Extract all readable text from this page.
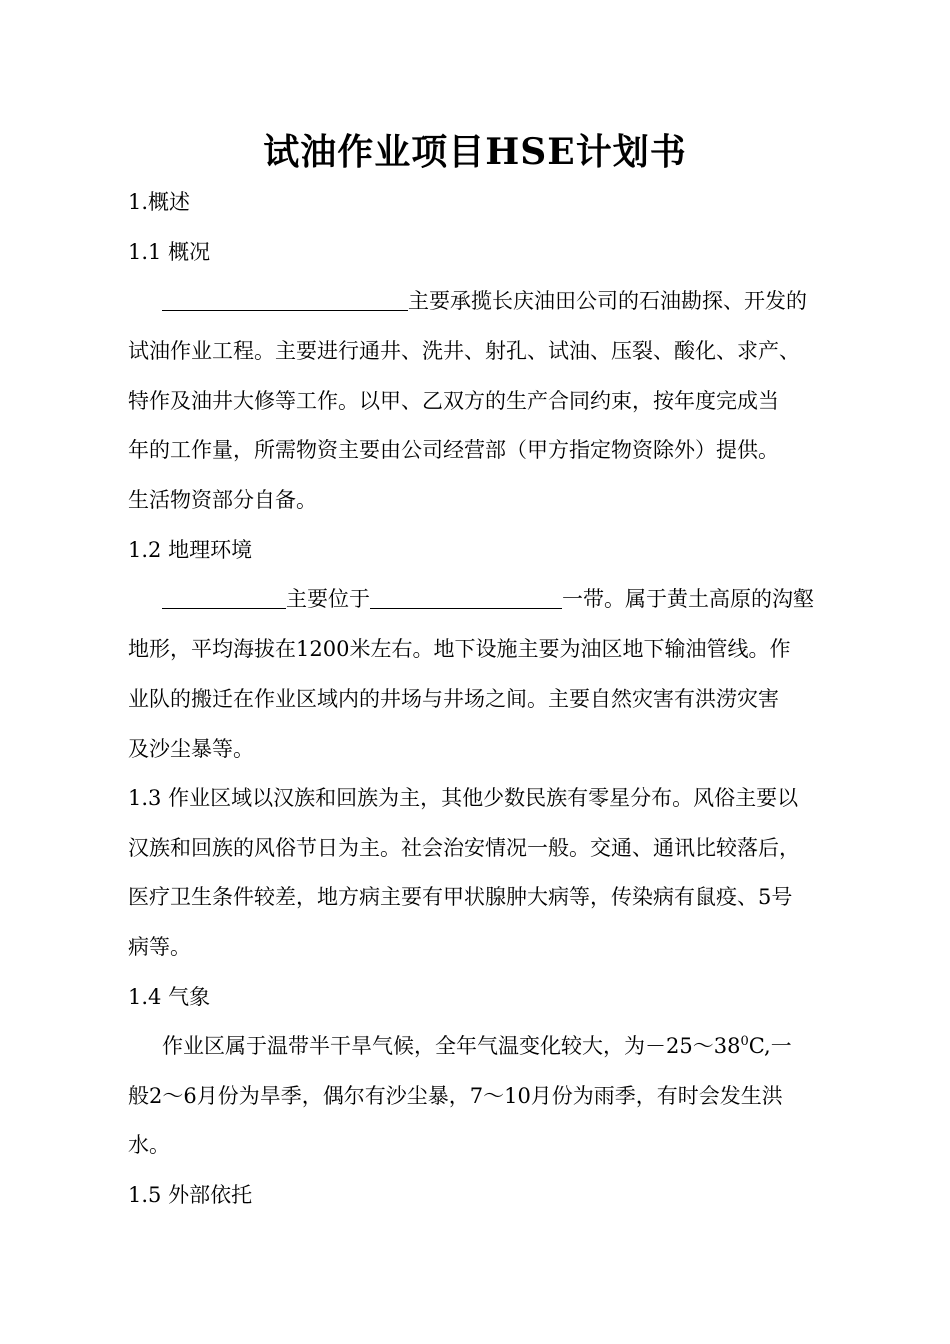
试油作业项目HSE计划书
1.概述
1.1 概况
主要承揽长庆油田公司的石油勘探、开发的
试油作业工程。主要进行通井、洗井、射孔、试油、压裂、酸化、求产、
特作及油井大修等工作。以甲、乙双方的生产合同约束，按年度完成当
年的工作量，所需物资主要由公司经营部（甲方指定物资除外）提供。
生活物资部分自备。
1.2 地理环境
主要位于	一带。属于黄土高原的沟壑
地形，平均海拔在1200米左右。地下设施主要为油区地下输油管线。作
业队的搬迁在作业区域内的井场与井场之间。主要自然灾害有洪涝灾害
及沙尘暴等。
1.3 作业区域以汉族和回族为主，其他少数民族有零星分布。风俗主要以
汉族和回族的风俗节日为主。社会治安情况一般。交通、通讯比较落后，
医疗卫生条件较差，地方病主要有甲状腺肿大病等，传染病有鼠疫、5号
病等。
1.4 气象
作业区属于温带半干旱气候，全年气温变化较大，为$-25\sim 38^0C$,一
般2～6月份为旱季，偶尔有沙尘暴，7～10月份为雨季，有时会发生洪
水。
1.5 外部依托
